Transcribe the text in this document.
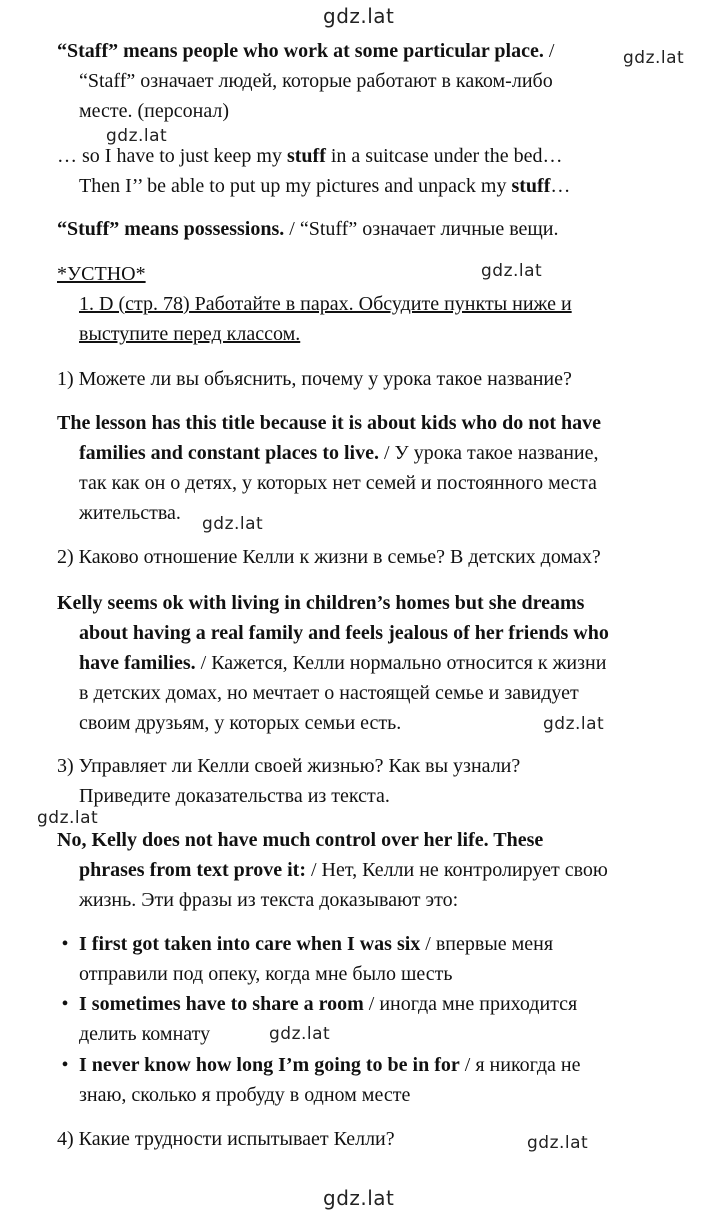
gdz.lat
gdz.lat
gdz.lat
gdz.lat
gdz.lat
gdz.lat
gdz.lat
gdz.lat
gdz.lat
gdz.lat
“Staff” means people who work at some particular place. /
“Staff” означает людей, которые работают в каком-либо
месте. (персонал)
… so I have to just keep my stuff in a suitcase under the bed…
Then I’’ be able to put up my pictures and unpack my stuff…
“Stuff” means possessions. / “Stuff” означает личные вещи.
*УСТНО*
1. D (стр. 78) Работайте в парах. Обсудите пункты ниже и
выступите перед классом.
1) Можете ли вы объяснить, почему у урока такое название?
The lesson has this title because it is about kids who do not have
families and constant places to live. / У урока такое название,
так как он о детях, у которых нет семей и постоянного места
жительства.
2) Каково отношение Келли к жизни в семье? В детских домах?
Kelly seems ok with living in children’s homes but she dreams
about having a real family and feels jealous of her friends who
have families. / Кажется, Келли нормально относится к жизни
в детских домах, но мечтает о настоящей семье и завидует
своим друзьям, у которых семьи есть.
3) Управляет ли Келли своей жизнью? Как вы узнали?
Приведите доказательства из текста.
No, Kelly does not have much control over her life. These
phrases from text prove it: / Нет, Келли не контролирует свою
жизнь. Эти фразы из текста доказывают это:
• I first got taken into care when I was six / впервые меня
отправили под опеку, когда мне было шесть
• I sometimes have to share a room / иногда мне приходится
делить комнату
• I never know how long I’m going to be in for / я никогда не
знаю, сколько я пробуду в одном месте
4) Какие трудности испытывает Келли?
